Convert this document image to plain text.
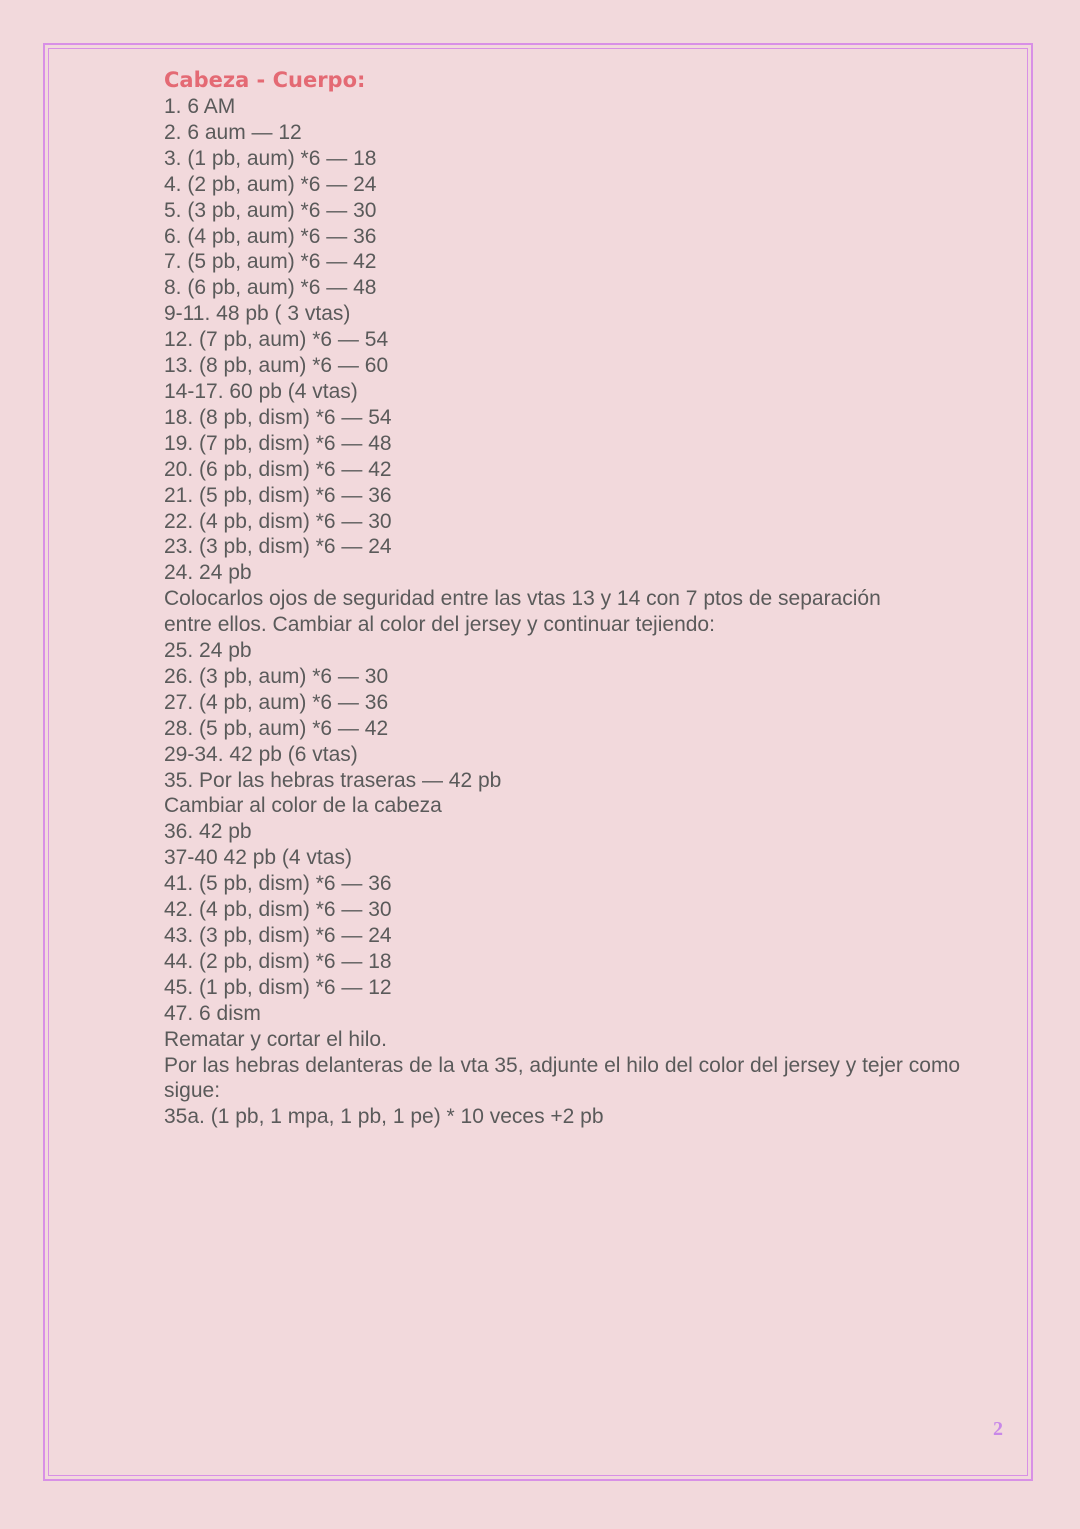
Cabeza - Cuerpo:
1. 6 AM
2. 6 aum — 12
3. (1 pb, aum) *6 — 18
4. (2 pb, aum) *6 — 24
5. (3 pb, aum) *6 — 30
6. (4 pb, aum) *6 — 36
7. (5 pb, aum) *6 — 42
8. (6 pb, aum) *6 — 48
9-11. 48 pb ( 3 vtas)
12. (7 pb, aum) *6 — 54
13. (8 pb, aum) *6 — 60
14-17. 60 pb (4 vtas)
18. (8 pb, dism) *6 — 54
19. (7 pb, dism) *6 — 48
20. (6 pb, dism) *6 — 42
21. (5 pb, dism) *6 — 36
22. (4 pb, dism) *6 — 30
23. (3 pb, dism) *6 — 24
24. 24 pb
Colocarlos ojos de seguridad entre las vtas 13 y 14 con 7 ptos de separación
entre ellos. Cambiar al color del jersey y continuar tejiendo:
25. 24 pb
26. (3 pb, aum) *6 — 30
27. (4 pb, aum) *6 — 36
28. (5 pb, aum) *6 — 42
29-34. 42 pb (6 vtas)
35. Por las hebras traseras — 42 pb
Cambiar al color de la cabeza
36. 42 pb
37-40 42 pb (4 vtas)
41. (5 pb, dism) *6 — 36
42. (4 pb, dism) *6 — 30
43. (3 pb, dism) *6 — 24
44. (2 pb, dism) *6 — 18
45. (1 pb, dism) *6 — 12
47. 6 dism
Rematar y cortar el hilo.
Por las hebras delanteras de la vta 35, adjunte el hilo del color del jersey y tejer como
sigue:
35a. (1 pb, 1 mpa, 1 pb, 1 pe) * 10 veces +2 pb
2
